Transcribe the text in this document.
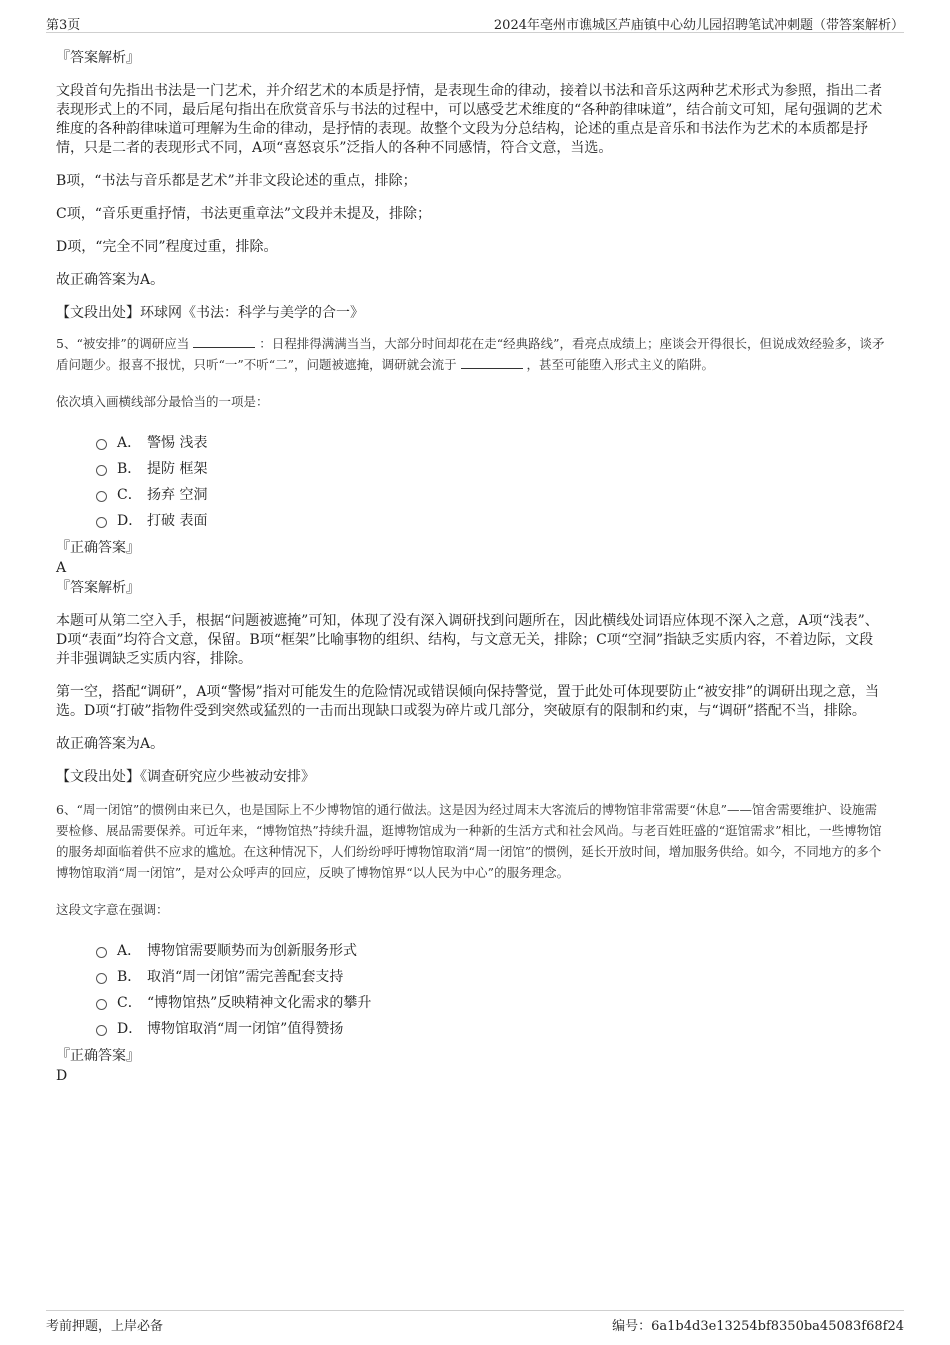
第3页	2024年亳州市谯城区芦庙镇中心幼儿园招聘笔试冲刺题（带答案解析）

『答案解析』

文段首句先指出书法是一门艺术，并介绍艺术的本质是抒情，是表现生命的律动，接着以书法和音乐这两种艺术形式为参照，指出二者表现形式上的不同，最后尾句指出在欣赏音乐与书法的过程中，可以感受艺术维度的“各种韵律味道”，结合前文可知，尾句强调的艺术维度的各种韵律味道可理解为生命的律动，是抒情的表现。故整个文段为分总结构，论述的重点是音乐和书法作为艺术的本质都是抒情，只是二者的表现形式不同，A项“喜怒哀乐”泛指人的各种不同感情，符合文意，当选。

B项，“书法与音乐都是艺术”并非文段论述的重点，排除；

C项，“音乐更重抒情，书法更重章法”文段并未提及，排除；

D项，“完全不同”程度过重，排除。

故正确答案为A。

【文段出处】环球网《书法：科学与美学的合一》

5、“被安排”的调研应当	：日程排得满满当当，大部分时间却花在走“经典路线”，看亮点成绩上；座谈会开得很长，但说成效经验多，谈矛盾问题少。报喜不报忧，只听“一”不听“二”，问题被遮掩，调研就会流于	，甚至可能堕入形式主义的陷阱。

依次填入画横线部分最恰当的一项是：

A． 警惕 浅表
B． 提防 框架
C． 扬弃 空洞
D． 打破 表面

『正确答案』

A

『答案解析』

本题可从第二空入手，根据“问题被遮掩”可知，体现了没有深入调研找到问题所在，因此横线处词语应体现不深入之意，A项“浅表”、D项“表面”均符合文意，保留。B项“框架”比喻事物的组织、结构，与文意无关，排除；C项“空洞”指缺乏实质内容，不着边际，文段并非强调缺乏实质内容，排除。

第一空，搭配“调研”，A项“警惕”指对可能发生的危险情况或错误倾向保持警觉，置于此处可体现要防止“被安排”的调研出现之意，当选。D项“打破”指物件受到突然或猛烈的一击而出现缺口或裂为碎片或几部分，突破原有的限制和约束，与“调研”搭配不当，排除。

故正确答案为A。

【文段出处】《调查研究应少些被动安排》

6、“周一闭馆”的惯例由来已久，也是国际上不少博物馆的通行做法。这是因为经过周末大客流后的博物馆非常需要“休息”——馆舍需要维护、设施需要检修、展品需要保养。可近年来，“博物馆热”持续升温，逛博物馆成为一种新的生活方式和社会风尚。与老百姓旺盛的“逛馆需求”相比，一些博物馆的服务却面临着供不应求的尴尬。在这种情况下，人们纷纷呼吁博物馆取消“周一闭馆”的惯例，延长开放时间，增加服务供给。如今，不同地方的多个博物馆取消“周一闭馆”，是对公众呼声的回应，反映了博物馆界“以人民为中心”的服务理念。

这段文字意在强调：

A． 博物馆需要顺势而为创新服务形式
B． 取消“周一闭馆”需完善配套支持
C． “博物馆热”反映精神文化需求的攀升
D． 博物馆取消“周一闭馆”值得赞扬

『正确答案』

D

考前押题，上岸必备	编号：6a1b4d3e13254bf8350ba45083f68f24
